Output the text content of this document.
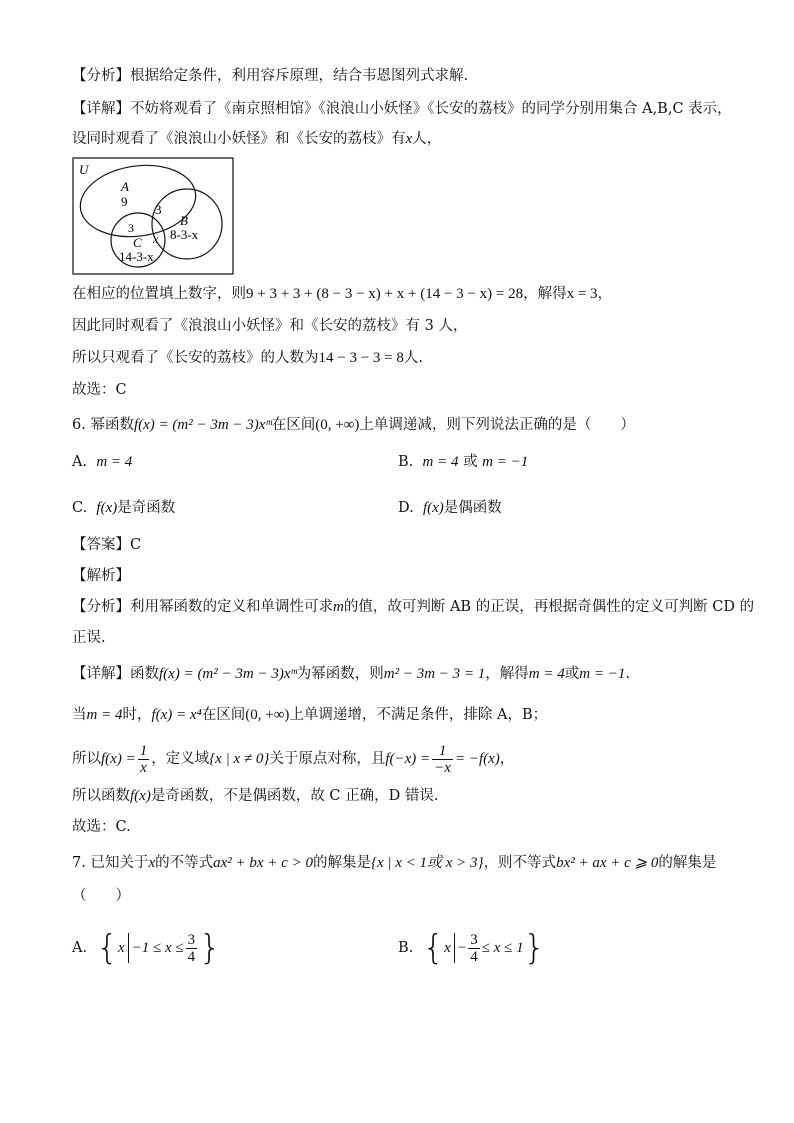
【分析】根据给定条件，利用容斥原理，结合韦恩图列式求解.
【详解】不妨将观看了《南京照相馆》《浪浪山小妖怪》《长安的荔枝》的同学分别用集合 A,B,C 表示，
设同时观看了《浪浪山小妖怪》和《长安的荔枝》有x人，
U
A
9
3
B
8-3-x
3
x
C
14-3-x
在相应的位置填上数字，则9 + 3 + 3 + (8 − 3 − x) + x + (14 − 3 − x) = 28，解得x = 3，
因此同时观看了《浪浪山小妖怪》和《长安的荔枝》有 3 人，
所以只观看了《长安的荔枝》的人数为14 − 3 − 3 = 8人.
故选：C
6. 幂函数f(x) = (m² − 3m − 3)xᵐ在区间(0, +∞)上单调递减，则下列说法正确的是（　　）
A. m = 4	B. m = 4 或 m = −1
C. f(x)是奇函数	D. f(x)是偶函数
【答案】C
【解析】
【分析】利用幂函数的定义和单调性可求m的值，故可判断 AB 的正误，再根据奇偶性的定义可判断 CD 的
正误.
【详解】函数f(x) = (m² − 3m − 3)xᵐ为幂函数，则m² − 3m − 3 = 1，解得m = 4或m = −1.
当m = 4时，f(x) = x⁴在区间(0, +∞)上单调递增，不满足条件，排除 A，B；
所以$f(x) = \frac{1}{x}$ ，定义域{x | x ≠ 0}关于原点对称，且$f(-x) = \frac{1}{-x} = -f(x)$，
所以函数f(x)是奇函数，不是偶函数，故 C 正确，D 错误.
故选：C.
7. 已知关于x的不等式ax² + bx + c > 0的解集是{x | x < 1或 x > 3}，则不等式bx² + ax + c ⩾ 0的解集是
（　　）
A. {$x -1 \le x \le \frac{3}{4}$ }	B. $\{x - \frac{3}{4} \le x \le 1\}$
